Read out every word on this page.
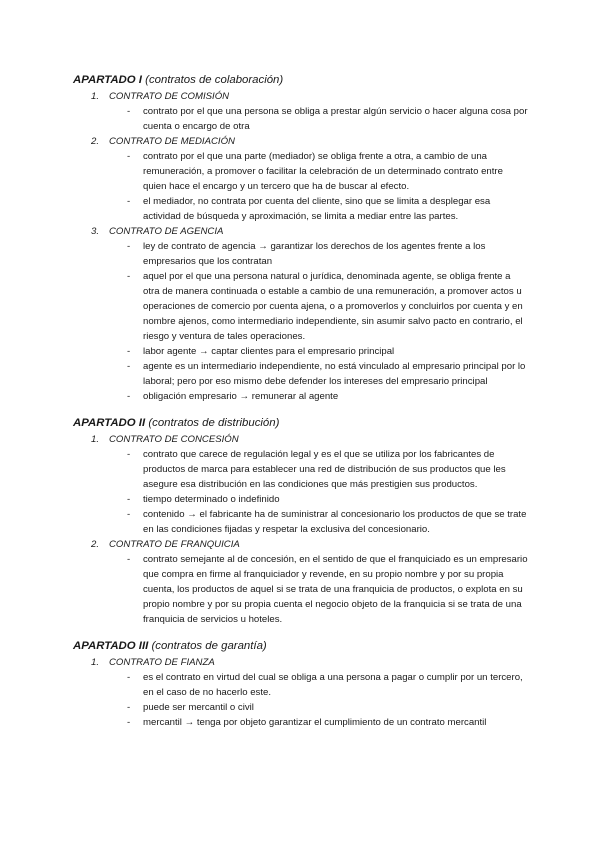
APARTADO I (contratos de colaboración)
1.	CONTRATO DE COMISIÓN
-	contrato por el que una persona se obliga a prestar algún servicio o hacer alguna cosa por cuenta o encargo de otra
2.	CONTRATO DE MEDIACIÓN
-	contrato por el que una parte (mediador) se obliga frente a otra, a cambio de una remuneración, a promover o facilitar la celebración de un determinado contrato entre quien hace el encargo y un tercero que ha de buscar al efecto.
-	el mediador, no contrata por cuenta del cliente, sino que se limita a desplegar esa actividad de búsqueda y aproximación, se limita a mediar entre las partes.
3.	CONTRATO DE AGENCIA
-	ley de contrato de agencia → garantizar los derechos de los agentes frente a los empresarios que los contratan
-	aquel por el que una persona natural o jurídica, denominada agente, se obliga frente a otra de manera continuada o estable a cambio de una remuneración, a promover actos u operaciones de comercio por cuenta ajena, o a promoverlos y concluirlos por cuenta y en nombre ajenos, como intermediario independiente, sin asumir salvo pacto en contrario, el riesgo y ventura de tales operaciones.
-	labor agente → captar clientes para el empresario principal
-	agente es un intermediario independiente, no está vinculado al empresario principal por lo laboral; pero por eso mismo debe defender los intereses del empresario principal
-	obligación empresario → remunerar al agente
APARTADO II (contratos de distribución)
1.	CONTRATO DE CONCESIÓN
-	contrato que carece de regulación legal y es el que se utiliza por los fabricantes de productos de marca para establecer una red de distribución de sus productos que les asegure esa distribución en las condiciones que más prestigien sus productos.
-	tiempo determinado o indefinido
-	contenido → el fabricante ha de suministrar al concesionario los productos de que se trate en las condiciones fijadas y respetar la exclusiva del concesionario.
2.	CONTRATO DE FRANQUICIA
-	contrato semejante al de concesión, en el sentido de que el franquiciado es un empresario que compra en firme al franquiciador y revende, en su propio nombre y por su propia cuenta, los productos de aquel si se trata de una franquicia de productos, o explota en su propio nombre y por su propia cuenta el negocio objeto de la franquicia si se trata de una franquicia de servicios u hoteles.
APARTADO III (contratos de garantía)
1.	CONTRATO DE FIANZA
-	es el contrato en virtud del cual se obliga a una persona a pagar o cumplir por un tercero, en el caso de no hacerlo este.
-	puede ser mercantil o civil
-	mercantil → tenga por objeto garantizar el cumplimiento de un contrato mercantil
